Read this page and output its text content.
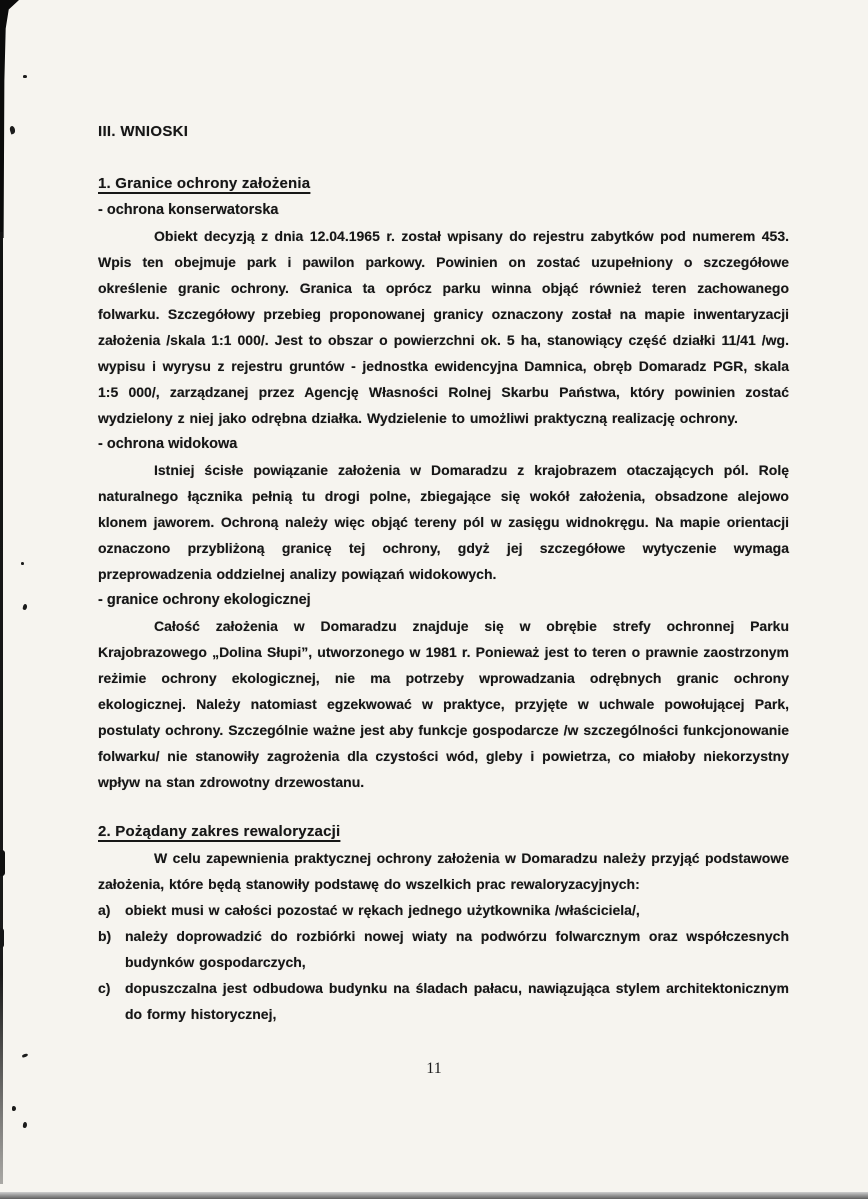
III. WNIOSKI
1. Granice ochrony założenia
- ochrona konserwatorska

Obiekt decyzją z dnia 12.04.1965 r. został wpisany do rejestru zabytków pod numerem 453. Wpis ten obejmuje park i pawilon parkowy. Powinien on zostać uzupełniony o szczegółowe określenie granic ochrony. Granica ta oprócz parku winna objąć również teren zachowanego folwarku. Szczegółowy przebieg proponowanej granicy oznaczony został na mapie inwentaryzacji założenia /skala 1:1 000/. Jest to obszar o powierzchni ok. 5 ha, stanowiący część działki 11/41 /wg. wypisu i wyrysu z rejestru gruntów - jednostka ewidencyjna Damnica, obręb Domaradz PGR, skala 1:5 000/, zarządzanej przez Agencję Własności Rolnej Skarbu Państwa, który powinien zostać wydzielony z niej jako odrębna działka. Wydzielenie to umożliwi praktyczną realizację ochrony.

- ochrona widokowa

Istniej ścisłe powiązanie założenia w Domaradzu z krajobrazem otaczających pól. Rolę naturalnego łącznika pełnią tu drogi polne, zbiegające się wokół założenia, obsadzone alejowo klonem jaworem. Ochroną należy więc objąć tereny pól w zasięgu widnokręgu. Na mapie orientacji oznaczono przybliżoną granicę tej ochrony, gdyż jej szczegółowe wytyczenie wymaga przeprowadzenia oddzielnej analizy powiązań widokowych.

- granice ochrony ekologicznej

Całość założenia w Domaradzu znajduje się w obrębie strefy ochronnej Parku Krajobrazowego „Dolina Słupi”, utworzonego w 1981 r. Ponieważ jest to teren o prawnie zaostrzonym reżimie ochrony ekologicznej, nie ma potrzeby wprowadzania odrębnych granic ochrony ekologicznej. Należy natomiast egzekwować w praktyce, przyjęte w uchwale powołującej Park, postulaty ochrony. Szczególnie ważne jest aby funkcje gospodarcze /w szczególności funkcjonowanie folwarku/ nie stanowiły zagrożenia dla czystości wód, gleby i powietrza, co miałoby niekorzystny wpływ na stan zdrowotny drzewostanu.

2. Pożądany zakres rewaloryzacji

W celu zapewnienia praktycznej ochrony założenia w Domaradzu należy przyjąć podstawowe założenia, które będą stanowiły podstawę do wszelkich prac rewaloryzacyjnych:

a)	obiekt musi w całości pozostać w rękach jednego użytkownika /właściciela/,
b) należy doprowadzić do rozbiórki nowej wiaty na podwórzu folwarcznym oraz współczesnych budynków gospodarczych,
c)	dopuszczalna jest odbudowa budynku na śladach pałacu, nawiązująca stylem architektonicznym do formy historycznej,
11
